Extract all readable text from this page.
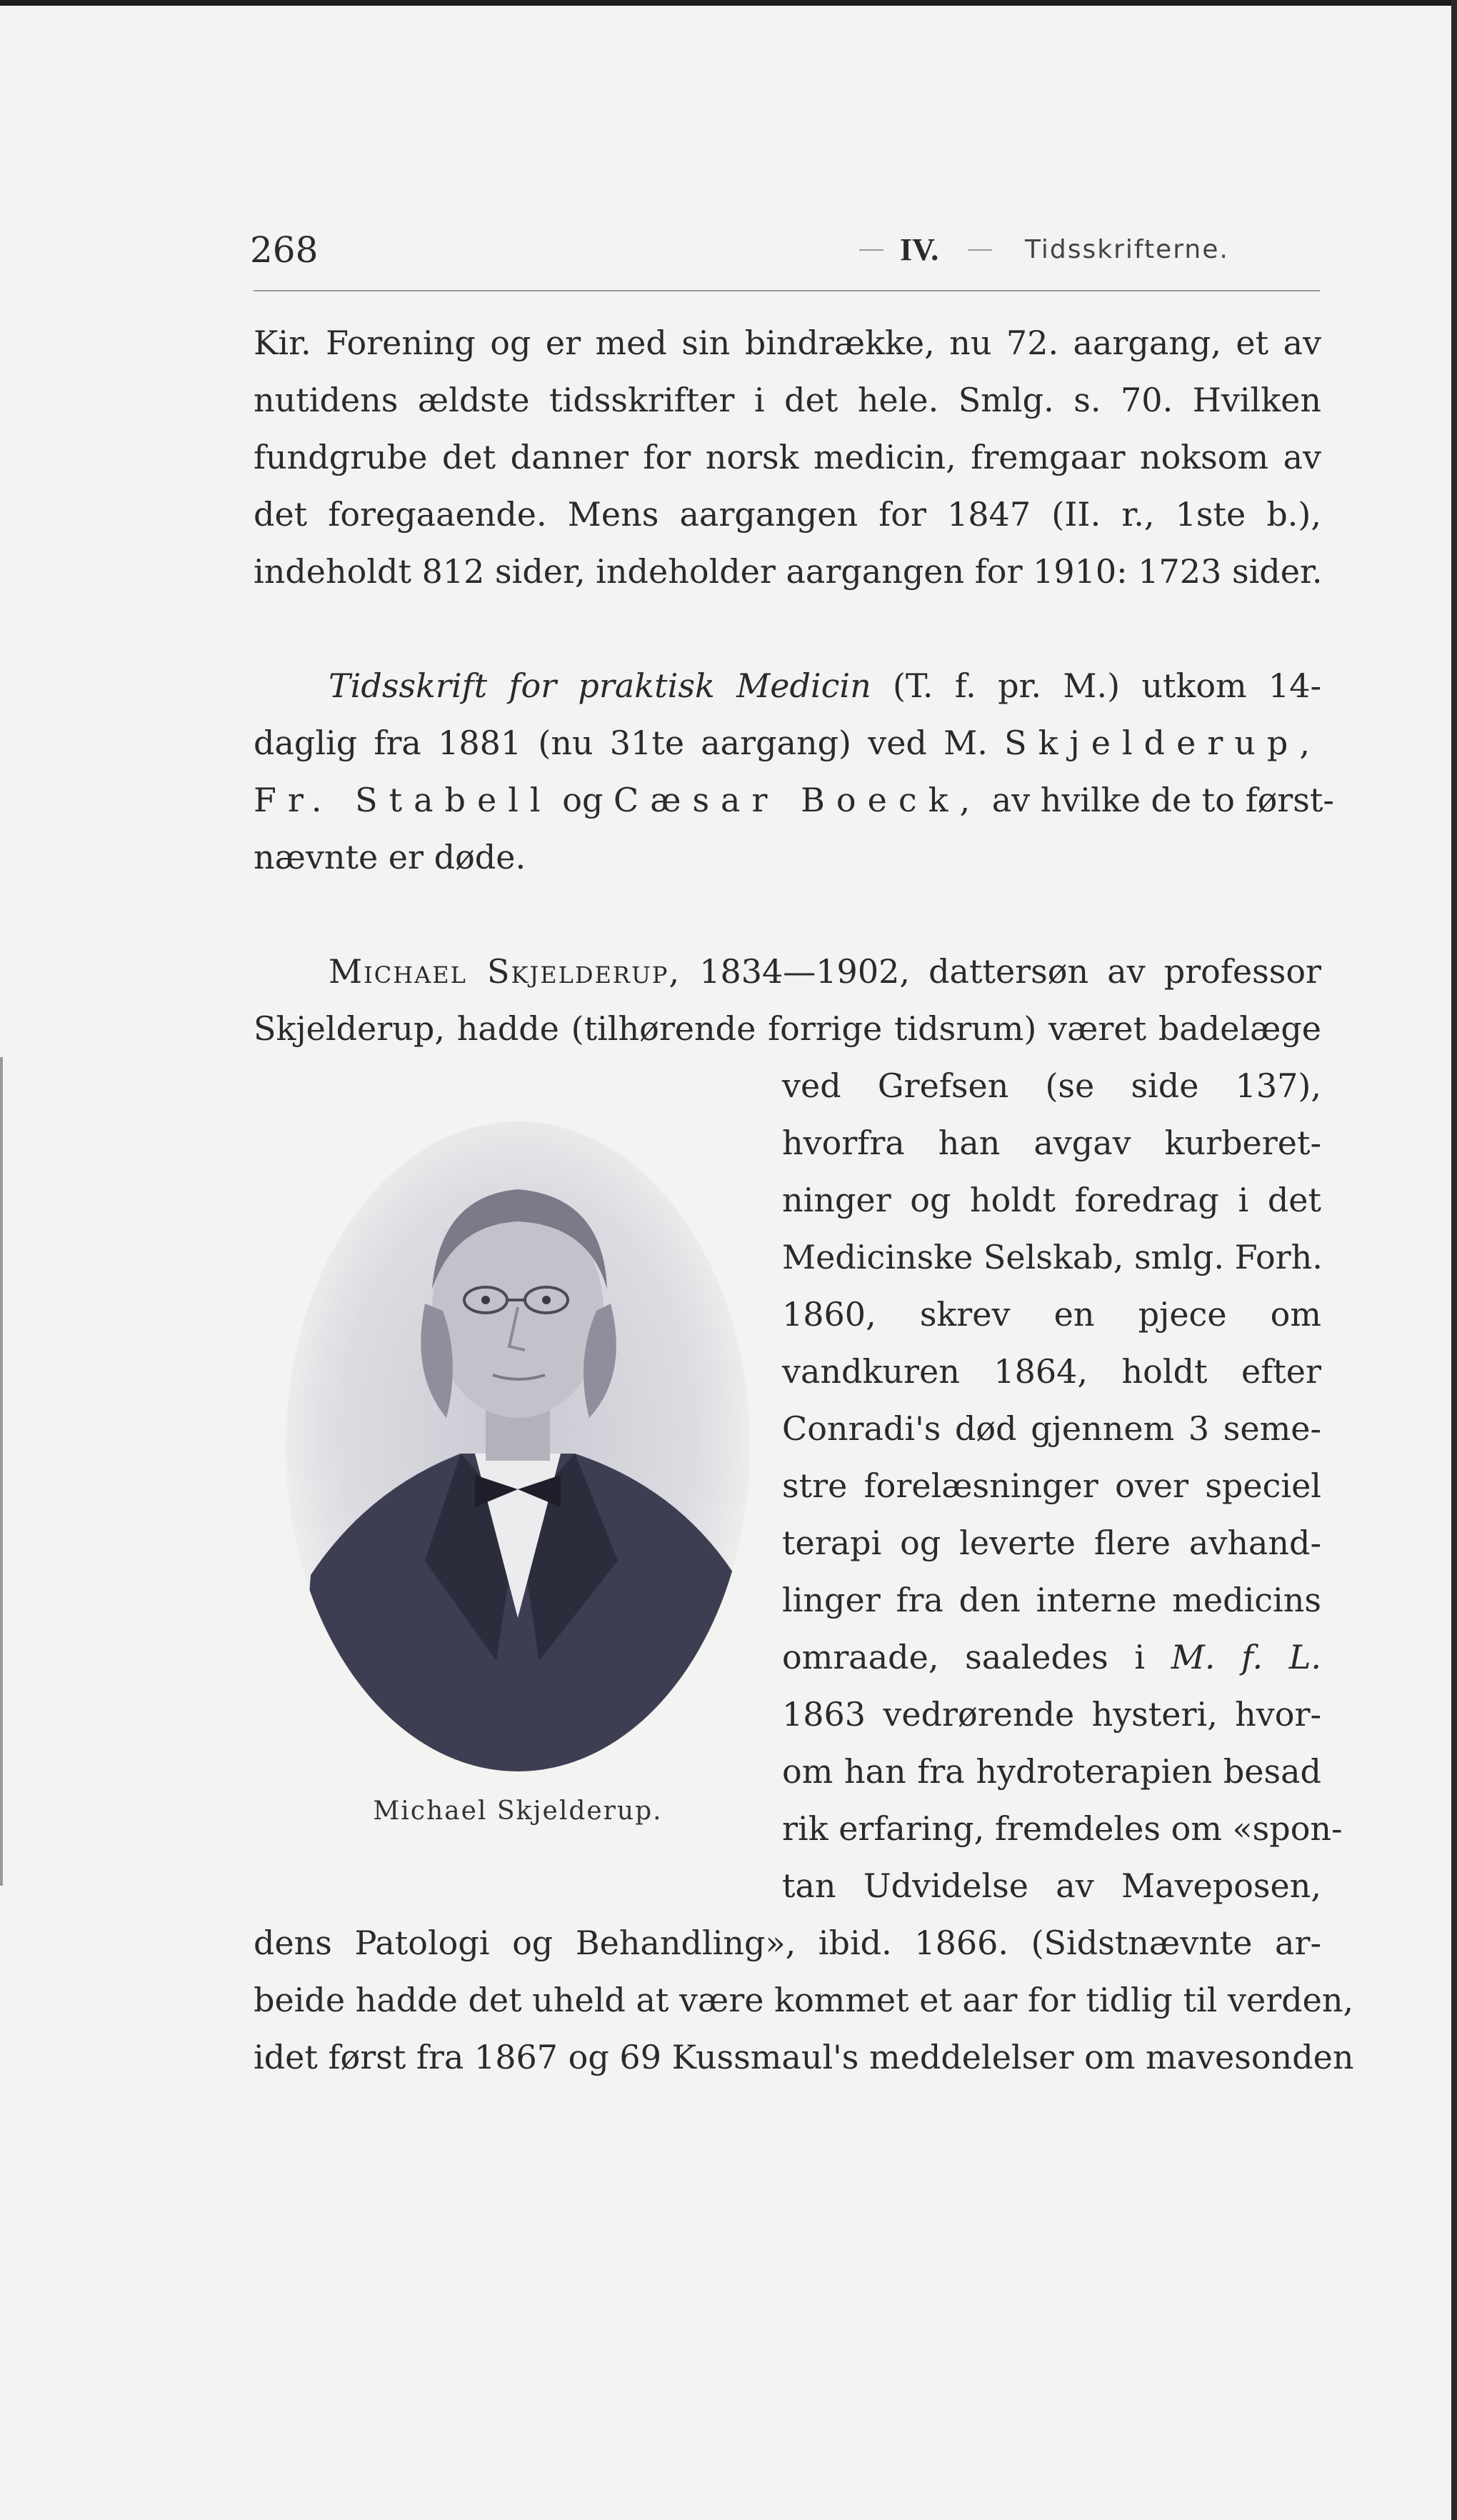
268	IV.	Tidsskrifterne.
Kir. Forening og er med sin bindrække, nu 72. aargang, et av
nutidens ældste tidsskrifter i det hele. Smlg. s. 70. Hvilken
fundgrube det danner for norsk medicin, fremgaar noksom av
det foregaaende. Mens aargangen for 1847 (II. r., 1ste b.),
indeholdt 812 sider, indeholder aargangen for 1910: 1723 sider.
Tidsskrift for praktisk Medicin (T. f. pr. M.) utkom 14-
daglig fra 1881 (nu 31te aargang) ved M. Skjelderup,
Fr. Stabell og Cæsar Boeck, av hvilke de to først-
nævnte er døde.
Michael Skjelderup, 1834—1902, dattersøn av professor
Skjelderup, hadde (tilhørende forrige tidsrum) været badelæge
ved Grefsen (se side 137),
hvorfra han avgav kurberet-
ninger og holdt foredrag i det
Medicinske Selskab, smlg. Forh.
1860, skrev en pjece om
vandkuren 1864, holdt efter
Conradi's død gjennem 3 seme-
stre forelæsninger over speciel
terapi og leverte flere avhand-
linger fra den interne medicins
omraade, saaledes i M. f. L.
1863 vedrørende hysteri, hvor-
om han fra hydroterapien besad
rik erfaring, fremdeles om «spon-
tan Udvidelse av Maveposen,
dens Patologi og Behandling», ibid. 1866. (Sidstnævnte ar-
beide hadde det uheld at være kommet et aar for tidlig til verden,
idet først fra 1867 og 69 Kussmaul's meddelelser om mavesonden
Michael Skjelderup.
